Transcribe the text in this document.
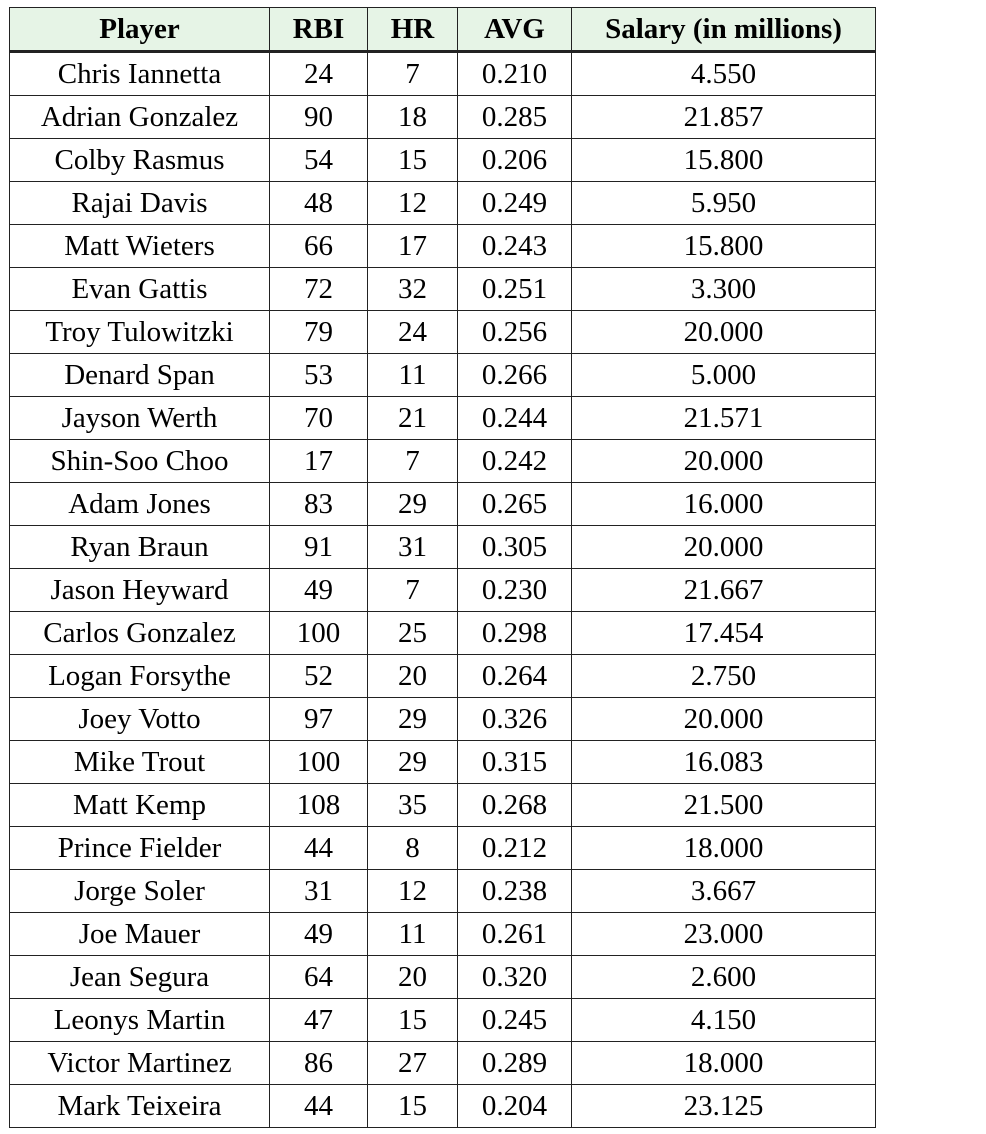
Player	RBI	HR	AVG	Salary (in millions)
Chris Iannetta	24	7	0.210	4.550
Adrian Gonzalez	90	18	0.285	21.857
Colby Rasmus	54	15	0.206	15.800
Rajai Davis	48	12	0.249	5.950
Matt Wieters	66	17	0.243	15.800
Evan Gattis	72	32	0.251	3.300
Troy Tulowitzki	79	24	0.256	20.000
Denard Span	53	11	0.266	5.000
Jayson Werth	70	21	0.244	21.571
Shin-Soo Choo	17	7	0.242	20.000
Adam Jones	83	29	0.265	16.000
Ryan Braun	91	31	0.305	20.000
Jason Heyward	49	7	0.230	21.667
Carlos Gonzalez	100	25	0.298	17.454
Logan Forsythe	52	20	0.264	2.750
Joey Votto	97	29	0.326	20.000
Mike Trout	100	29	0.315	16.083
Matt Kemp	108	35	0.268	21.500
Prince Fielder	44	8	0.212	18.000
Jorge Soler	31	12	0.238	3.667
Joe Mauer	49	11	0.261	23.000
Jean Segura	64	20	0.320	2.600
Leonys Martin	47	15	0.245	4.150
Victor Martinez	86	27	0.289	18.000
Mark Teixeira	44	15	0.204	23.125
